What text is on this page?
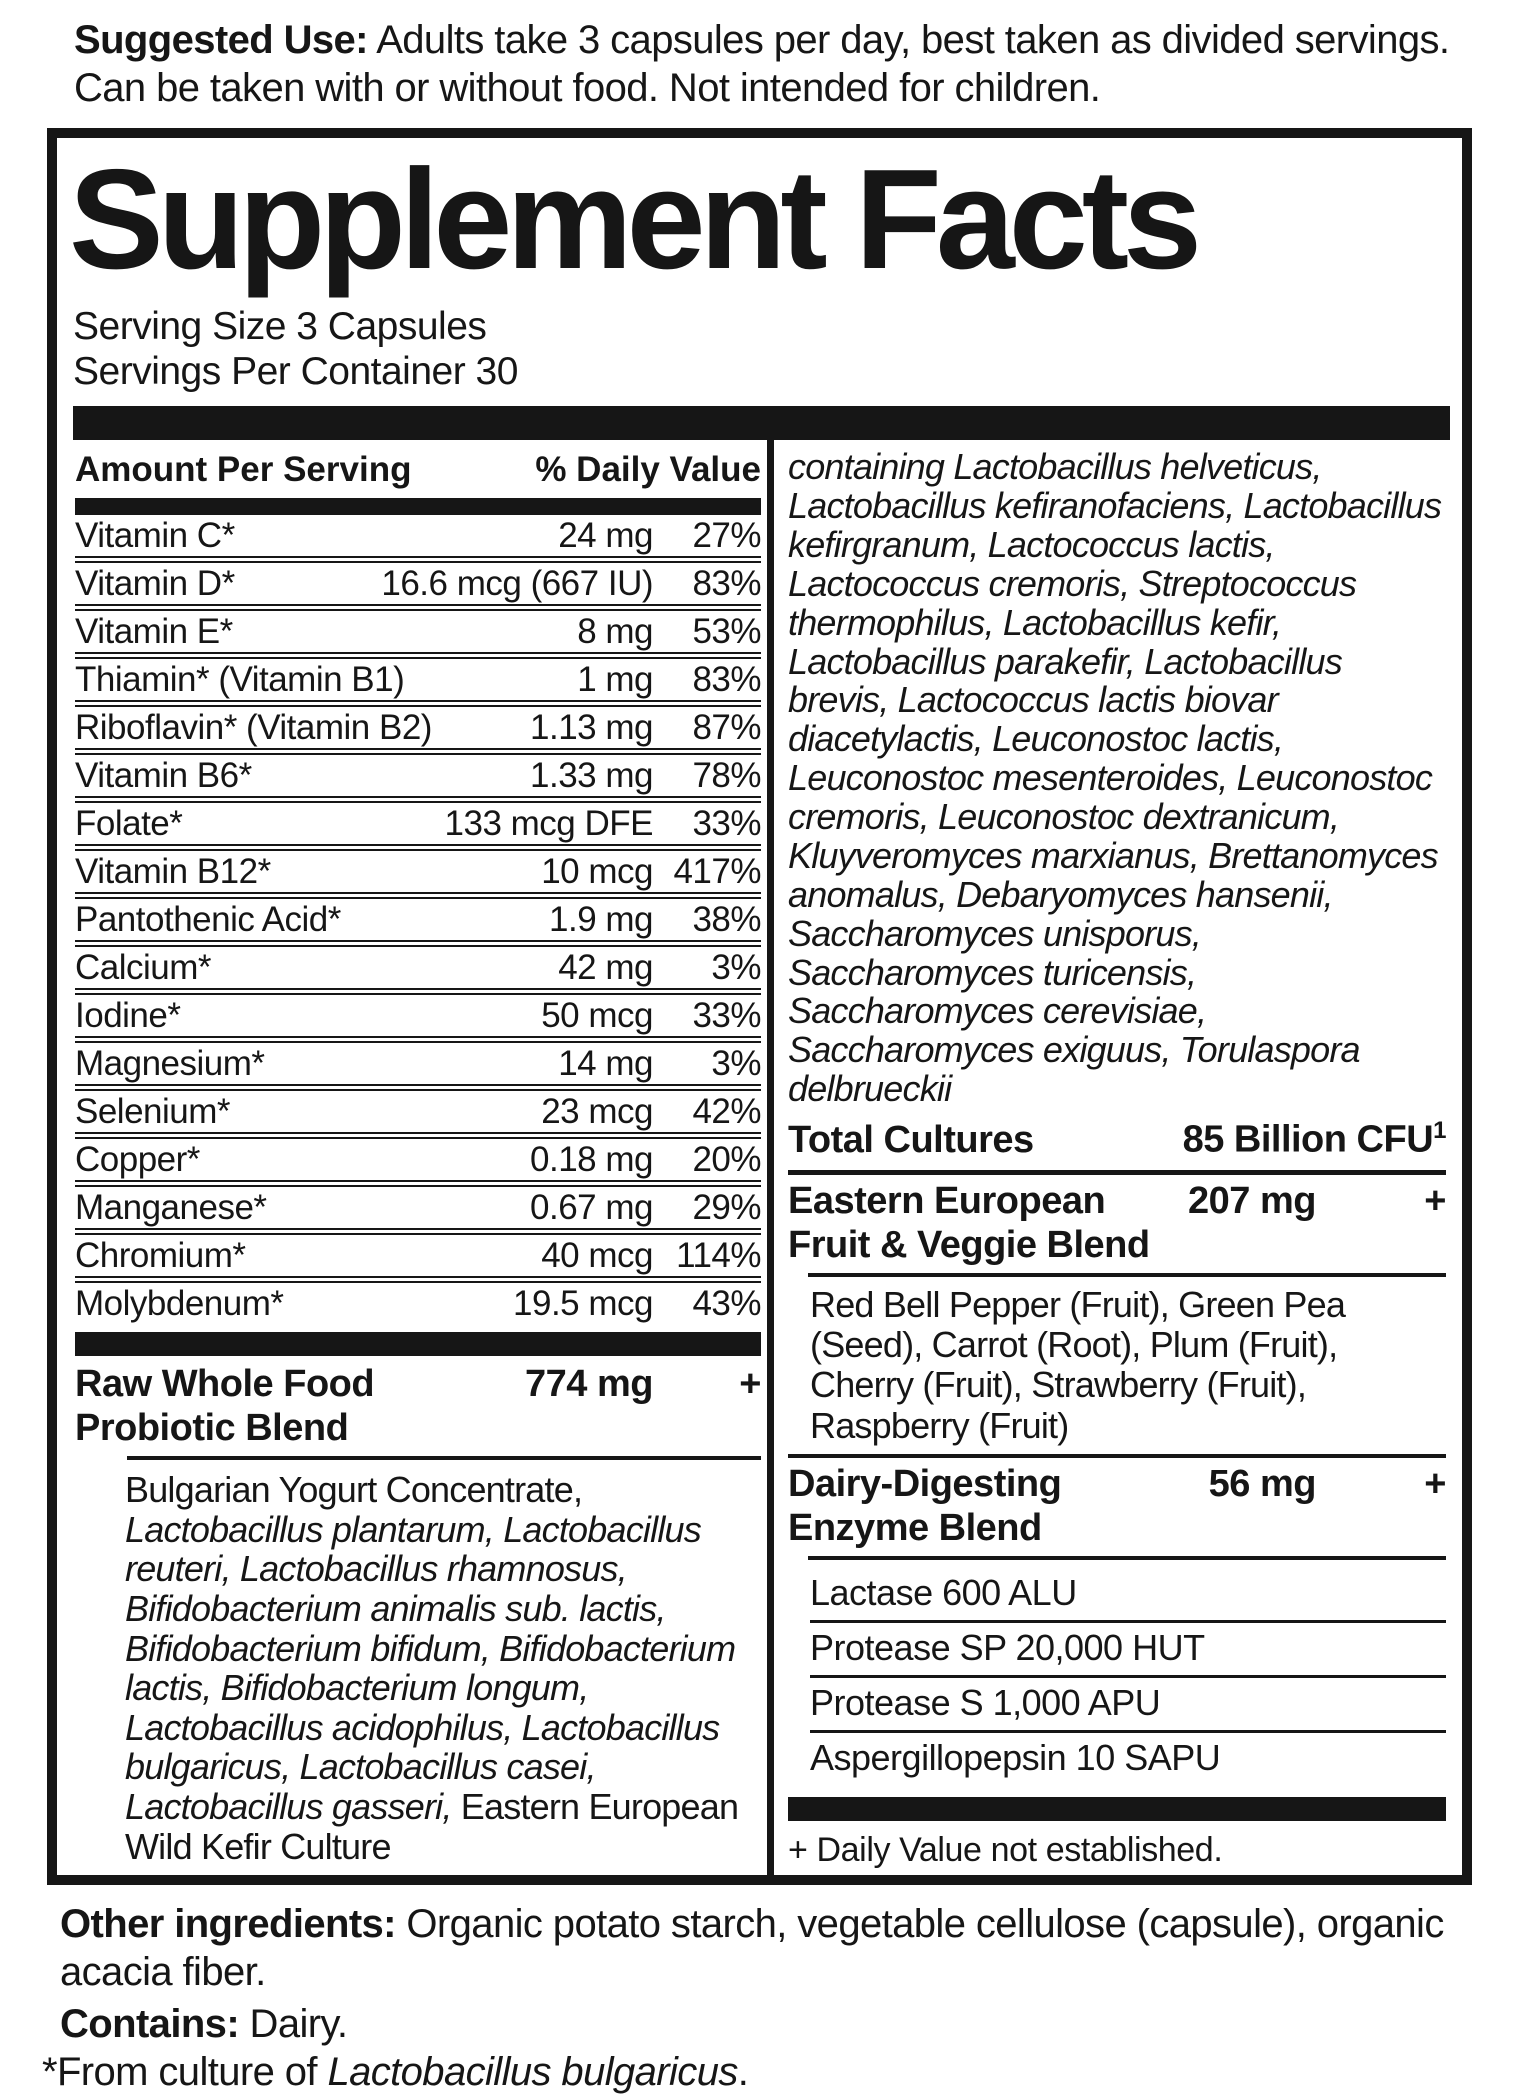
Suggested Use: Adults take 3 capsules per day, best taken as divided servings. Can be taken with or without food. Not intended for children.
Supplement Facts
Serving Size 3 Capsules
Servings Per Container 30
Amount Per Serving	% Daily Value
Vitamin C*	24 mg	27%
Vitamin D*	16.6 mcg (667 IU)	83%
Vitamin E*	8 mg	53%
Thiamin* (Vitamin B1)	1 mg	83%
Riboflavin* (Vitamin B2)	1.13 mg	87%
Vitamin B6*	1.33 mg	78%
Folate*	133 mcg DFE	33%
Vitamin B12*	10 mcg 417%
Pantothenic Acid*	1.9 mg	38%
Calcium*	42 mg	3%
Iodine*	50 mcg	33%
Magnesium*	14 mg	3%
Selenium*	23 mcg	42%
Copper*	0.18 mg	20%
Manganese*	0.67 mg	29%
Chromium*	40 mcg 114%
Molybdenum*	19.5 mcg	43%
Raw Whole Food
Probiotic Blend
774 mg	+
Bulgarian Yogurt Concentrate, Lactobacillus plantarum, Lactobacillus reuteri, Lactobacillus rhamnosus, Bifidobacterium animalis sub. lactis, Bifidobacterium bifidum, Bifidobacterium lactis, Bifidobacterium longum, Lactobacillus acidophilus, Lactobacillus bulgaricus, Lactobacillus casei, Lactobacillus gasseri, Eastern European Wild Kefir Culture
containing Lactobacillus helveticus, Lactobacillus kefiranofaciens, Lactobacillus kefirgranum, Lactococcus lactis, Lactococcus cremoris, Streptococcus thermophilus, Lactobacillus kefir, Lactobacillus parakefir, Lactobacillus brevis, Lactococcus lactis biovar diacetylactis, Leuconostoc lactis, Leuconostoc mesenteroides, Leuconostoc cremoris, Leuconostoc dextranicum, Kluyveromyces marxianus, Brettanomyces anomalus, Debaryomyces hansenii, Saccharomyces unisporus, Saccharomyces turicensis, Saccharomyces cerevisiae, Saccharomyces exiguus, Torulaspora delbrueckii
Total Cultures	85 Billion CFU$^1$
Eastern European
Fruit & Veggie Blend
207 mg	+
Red Bell Pepper (Fruit), Green Pea (Seed), Carrot (Root), Plum (Fruit), Cherry (Fruit), Strawberry (Fruit), Raspberry (Fruit)
Dairy-Digesting
Enzyme Blend
56 mg	+
Lactase 600 ALU
Protease SP 20,000 HUT
Protease S 1,000 APU
Aspergillopepsin 10 SAPU
+ Daily Value not established.
Other ingredients: Organic potato starch, vegetable cellulose (capsule), organic acacia fiber.
Contains: Dairy.
*From culture of Lactobacillus bulgaricus.
